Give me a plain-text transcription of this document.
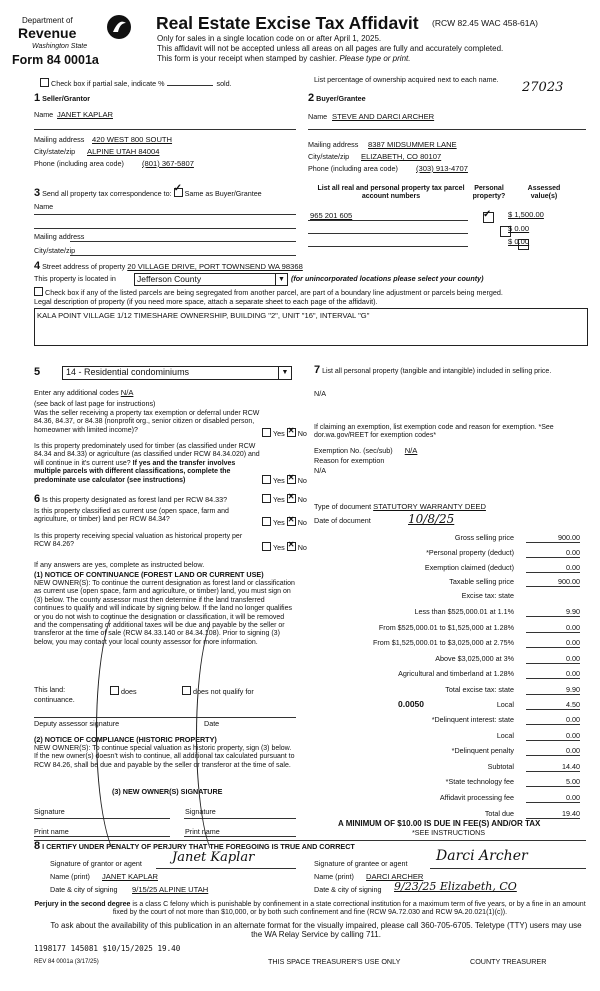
Department of
Revenue
Washington State
Form 84 0001a
Real Estate Excise Tax Affidavit (RCW 82.45 WAC 458-61A)
Only for sales in a single location code on or after April 1, 2025.
This affidavit will not be accepted unless all areas on all pages are fully and accurately completed.
This form is your receipt when stamped by cashier. Please type or print.
Check box if partial sale, indicate %	sold.	List percentage of ownership acquired next to each name.
27023
1 Seller/Grantor
Name JANET KAPLAR
Mailing address 420 WEST 800 SOUTH
City/state/zip ALPINE UTAH 84004
Phone (including area code) (801) 367-5807
2 Buyer/Grantee
Name STEVE AND DARCI ARCHER
Mailing address 8387 MIDSUMMER LANE
City/state/zip ELIZABETH, CO 80107
Phone (including area code) (303) 913-4707
3 Send all property tax correspondence to: ✓ Same as Buyer/Grantee
Name
Mailing address
City/state/zip
List all real and personal property tax parcel account numbers
Personal property?
Assessed value(s)
965 201 605 ✓	$ 1,500.00

$ 0.00
$ 0.00
4 Street address of property 20 VILLAGE DRIVE, PORT TOWNSEND WA 98368
This property is located in Jefferson County	▼ (for unincorporated locations please select your county)
Check box if any of the listed parcels are being segregated from another parcel, are part of a boundary line adjustment or parcels being merged.
Legal description of property (if you need more space, attach a separate sheet to each page of the affidavit).
KALA POINT VILLAGE 1/12 TIMESHARE OWNERSHIP, BUILDING "2", UNIT "16", INTERVAL "G"
5	14 - Residential condominiums	▼
Enter any additional codes N/A
(see back of last page for instructions)
Was the seller receiving a property tax exemption or deferral under RCW 84.36, 84.37, or 84.38 (nonprofit org., senior citizen or disabled person, homeowner with limited income)?	Yes ✕ No
Is this property predominately used for timber (as classified under RCW 84.34 and 84.33) or agriculture (as classified under RCW 84.34.020) and will continue in it's current use? If yes and the transfer involves multiple parcels with different classifications, complete the predominate use calculator (see instructions)	Yes ✕ No
6 Is this property designated as forest land per RCW 84.33?	Yes ✕ No
Is this property classified as current use (open space, farm and agriculture, or timber) land per RCW 84.34?	Yes ✕ No
Is this property receiving special valuation as historical property per RCW 84.26?	Yes ✕ No
If any answers are yes, complete as instructed below.
(1) NOTICE OF CONTINUANCE (FOREST LAND OR CURRENT USE)
NEW OWNER(S): To continue the current designation as forest land or classification as current use (open space, farm and agriculture, or timber) land, you must sign on (3) below. The county assessor must then determine if the land transferred continues to qualify and will indicate by signing below. If the land no longer qualifies or you do not wish to continue the designation or classification, it will be removed and the compensating or additional taxes will be due and payable by the seller or transferor at the time of sale (RCW 84.33.140 or 84.34.108). Prior to signing (3) below, you may contact your local county assessor for more information.
This land:
continuance.
does	does not qualify for
Deputy assessor signature	Date
(2) NOTICE OF COMPLIANCE (HISTORIC PROPERTY)
NEW OWNER(S): To continue special valuation as historic property, sign (3) below. If the new owner(s) doesn't wish to continue, all additional tax calculated pursuant to RCW 84.26, shall be due and payable by the seller or transferor at the time of sale.
(3) NEW OWNER(S) SIGNATURE
Signature	Signature
Print name	Print name
7 List all personal property (tangible and intangible) included in selling price.
N/A
If claiming an exemption, list exemption code and reason for exemption. *See dor.wa.gov/REET for exemption codes*
Exemption No. (sec/sub) N/A
Reason for exemption
N/A
Type of document STATUTORY WARRANTY DEED
Date of document	10/8/25
Gross selling price	900.00
*Personal property (deduct)	0.00
Exemption claimed (deduct)	0.00
Taxable selling price	900.00
Excise tax: state
Less than $525,000.01 at 1.1%	9.90
From $525,000.01 to $1,525,000 at 1.28%	0.00
From $1,525,000.01 to $3,025,000 at 2.75%	0.00
Above $3,025,000 at 3%	0.00
Agricultural and timberland at 1.28%	0.00
Total excise tax: state	9.90
0.0050	Local	4.50
*Delinquent interest: state	0.00
Local	0.00
*Delinquent penalty	0.00
Subtotal	14.40
*State technology fee	5.00
Affidavit processing fee	0.00
Total due	19.40
A MINIMUM OF $10.00 IS DUE IN FEE(S) AND/OR TAX
*SEE INSTRUCTIONS
8 I CERTIFY UNDER PENALTY OF PERJURY THAT THE FOREGOING IS TRUE AND CORRECT
Signature of grantor or agent Janet Kaplar
Name (print) JANET KAPLAR
Date & city of signing 9/15/25 ALPINE UTAH
Signature of grantee or agent Darci Archer
Name (print) DARCI ARCHER
Date & city of signing 9/23/25 Elizabeth, CO
Perjury in the second degree is a class C felony which is punishable by confinement in a state correctional institution for a maximum term of five years, or by a fine in an amount fixed by the court of not more than $10,000, or by both such confinement and fine (RCW 9A.72.030 and RCW 9A.20.021(1)(c)).
To ask about the availability of this publication in an alternate format for the visually impaired, please call 360-705-6705. Teletype (TTY) users may use the WA Relay Service by calling 711.
1198177 145081 $10/15/2025 19.40
REV 84 0001a (3/17/25)	THIS SPACE TREASURER'S USE ONLY	COUNTY TREASURER
